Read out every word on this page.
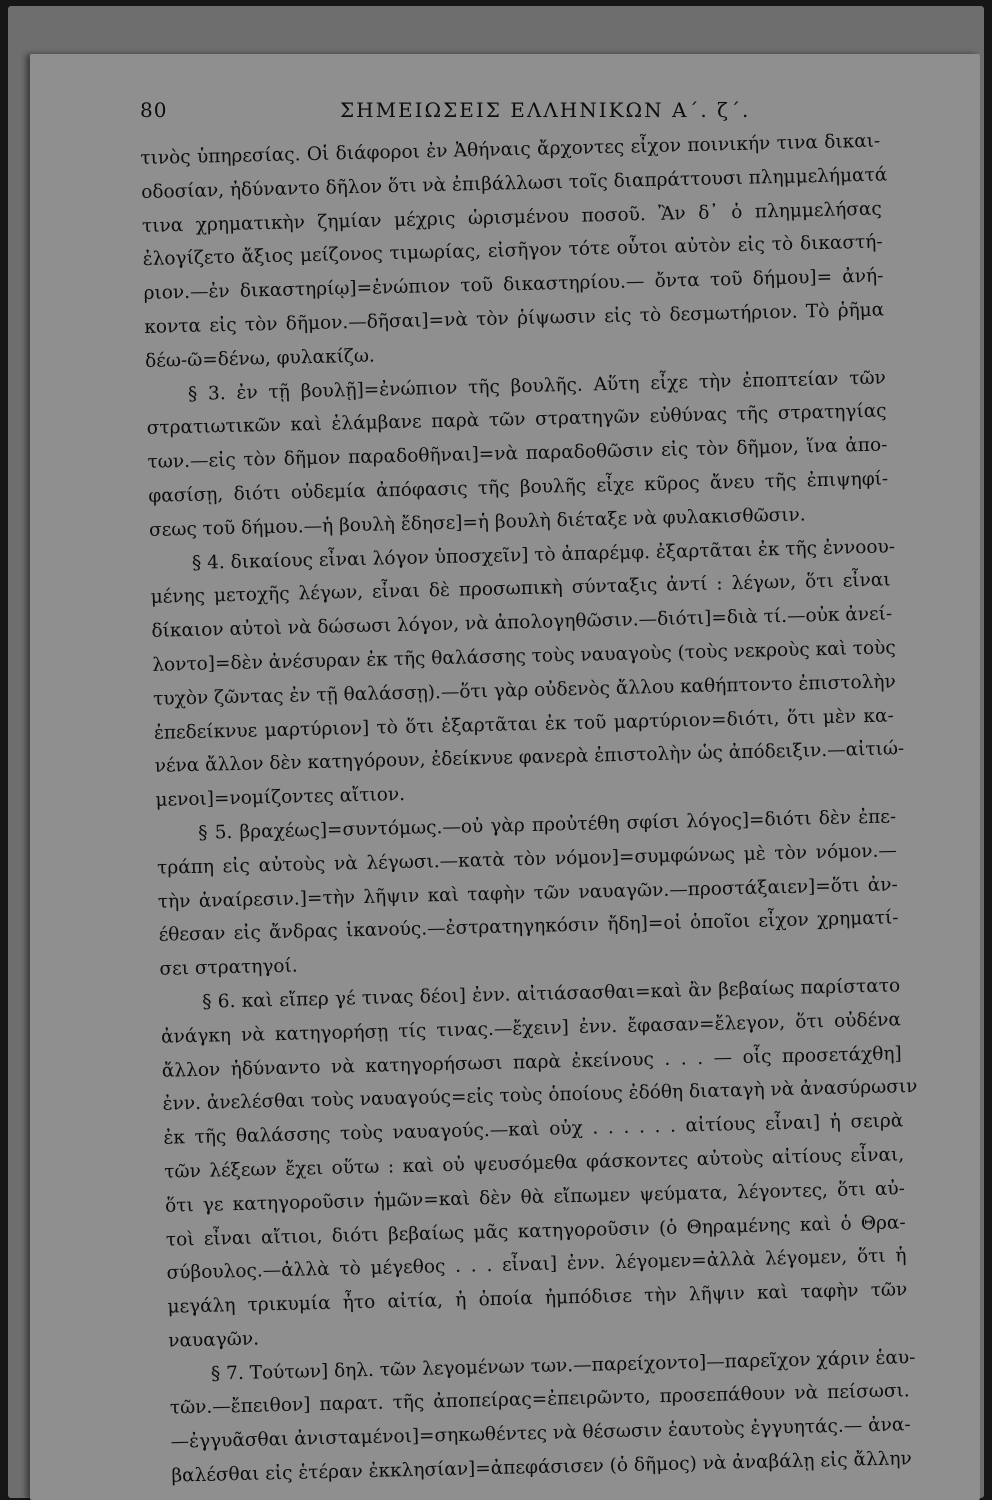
80	ΣΗΜΕΙΩΣΕΙΣ ΕΛΛΗΝΙΚΩΝ Α΄. ζ΄.
τινὸς ὑπηρεσίας. Οἱ διάφοροι ἐν Ἀθήναις ἄρχοντες εἶχον ποινικήν τινα δικαι-
οδοσίαν, ἠδύναντο δῆλον ὅτι νὰ ἐπιβάλλωσι τοῖς διαπράττουσι πλημμελήματά
τινα χρηματικὴν ζημίαν μέχρις ὡρισμένου ποσοῦ. Ἂν δ᾽ ὁ πλημμελήσας
ἐλογίζετο ἄξιος μείζονος τιμωρίας, εἰσῆγον τότε οὗτοι αὐτὸν εἰς τὸ δικαστή-
ριον.—ἐν δικαστηρίῳ]=ἐνώπιον τοῦ δικαστηρίου.— ὄντα τοῦ δήμου]= ἀνή-
κοντα εἰς τὸν δῆμον.—δῆσαι]=νὰ τὸν ῥίψωσιν εἰς τὸ δεσμωτήριον. Τὸ ῥῆμα
δέω-ῶ=δένω, φυλακίζω.
§ 3. ἐν τῇ βουλῇ]=ἐνώπιον τῆς βουλῆς. Αὕτη εἶχε τὴν ἐποπτείαν τῶν
στρατιωτικῶν καὶ ἐλάμβανε παρὰ τῶν στρατηγῶν εὐθύνας τῆς στρατηγίας
των.—εἰς τὸν δῆμον παραδοθῆναι]=νὰ παραδοθῶσιν εἰς τὸν δῆμον, ἵνα ἀπο-
φασίσῃ, διότι οὐδεμία ἀπόφασις τῆς βουλῆς εἶχε κῦρος ἄνευ τῆς ἐπιψηφί-
σεως τοῦ δήμου.—ἡ βουλὴ ἔδησε]=ἡ βουλὴ διέταξε νὰ φυλακισθῶσιν.
§ 4. δικαίους εἶναι λόγον ὑποσχεῖν] τὸ ἀπαρέμφ. ἐξαρτᾶται ἐκ τῆς ἐννοου-
μένης μετοχῆς λέγων, εἶναι δὲ προσωπικὴ σύνταξις ἀντί : λέγων, ὅτι εἶναι
δίκαιον αὐτοὶ νὰ δώσωσι λόγον, νὰ ἀπολογηθῶσιν.—διότι]=διὰ τί.—οὐκ ἀνεί-
λοντο]=δὲν ἀνέσυραν ἐκ τῆς θαλάσσης τοὺς ναυαγοὺς (τοὺς νεκροὺς καὶ τοὺς
τυχὸν ζῶντας ἐν τῇ θαλάσσῃ).—ὅτι γὰρ οὐδενὸς ἄλλου καθήπτοντο ἐπιστολὴν
ἐπεδείκνυε μαρτύριον] τὸ ὅτι ἐξαρτᾶται ἐκ τοῦ μαρτύριον=διότι, ὅτι μὲν κα-
νένα ἄλλον δὲν κατηγόρουν, ἐδείκνυε φανερὰ ἐπιστολὴν ὡς ἀπόδειξιν.—αἰτιώ-
μενοι]=νομίζοντες αἴτιον.
§ 5. βραχέως]=συντόμως.—οὐ γὰρ προὐτέθη σφίσι λόγος]=διότι δὲν ἐπε-
τράπη εἰς αὐτοὺς νὰ λέγωσι.—κατὰ τὸν νόμον]=συμφώνως μὲ τὸν νόμον.—
τὴν ἀναίρεσιν.]=τὴν λῆψιν καὶ ταφὴν τῶν ναυαγῶν.—προστάξαιεν]=ὅτι ἀν-
έθεσαν εἰς ἄνδρας ἱκανούς.—ἐστρατηγηκόσιν ἤδη]=οἱ ὁποῖοι εἶχον χρηματί-
σει στρατηγοί.
§ 6. καὶ εἴπερ γέ τινας δέοι] ἐνν. αἰτιάσασθαι=καὶ ἂν βεβαίως παρίστατο
ἀνάγκη νὰ κατηγορήσῃ τίς τινας.—ἔχειν] ἐνν. ἔφασαν=ἔλεγον, ὅτι οὐδένα
ἄλλον ἠδύναντο νὰ κατηγορήσωσι παρὰ ἐκείνους . . . — οἷς προσετάχθη]
ἐνν. ἀνελέσθαι τοὺς ναυαγούς=εἰς τοὺς ὁποίους ἐδόθη διαταγὴ νὰ ἀνασύρωσιν
ἐκ τῆς θαλάσσης τοὺς ναυαγούς.—καὶ οὐχ . . . . . . αἰτίους εἶναι] ἡ σειρὰ
τῶν λέξεων ἔχει οὕτω : καὶ οὐ ψευσόμεθα φάσκοντες αὐτοὺς αἰτίους εἶναι,
ὅτι γε κατηγοροῦσιν ἡμῶν=καὶ δὲν θὰ εἴπωμεν ψεύματα, λέγοντες, ὅτι αὐ-
τοὶ εἶναι αἴτιοι, διότι βεβαίως μᾶς κατηγοροῦσιν (ὁ Θηραμένης καὶ ὁ Θρα-
σύβουλος.—ἀλλὰ τὸ μέγεθος . . . εἶναι] ἐνν. λέγομεν=ἀλλὰ λέγομεν, ὅτι ἡ
μεγάλη τρικυμία ἦτο αἰτία, ἡ ὁποία ἠμπόδισε τὴν λῆψιν καὶ ταφὴν τῶν
ναυαγῶν.
§ 7. Τούτων] δηλ. τῶν λεγομένων των.—παρείχοντο]—παρεῖχον χάριν ἑαυ-
τῶν.—ἔπειθον] παρατ. τῆς ἀποπείρας=ἐπειρῶντο, προσεπάθουν νὰ πείσωσι.
—ἐγγυᾶσθαι ἀνισταμένοι]=σηκωθέντες νὰ θέσωσιν ἑαυτοὺς ἐγγυητάς.— ἀνα-
βαλέσθαι εἰς ἑτέραν ἐκκλησίαν]=ἀπεφάσισεν (ὁ δῆμος) νὰ ἀναβάλῃ εἰς ἄλλην
